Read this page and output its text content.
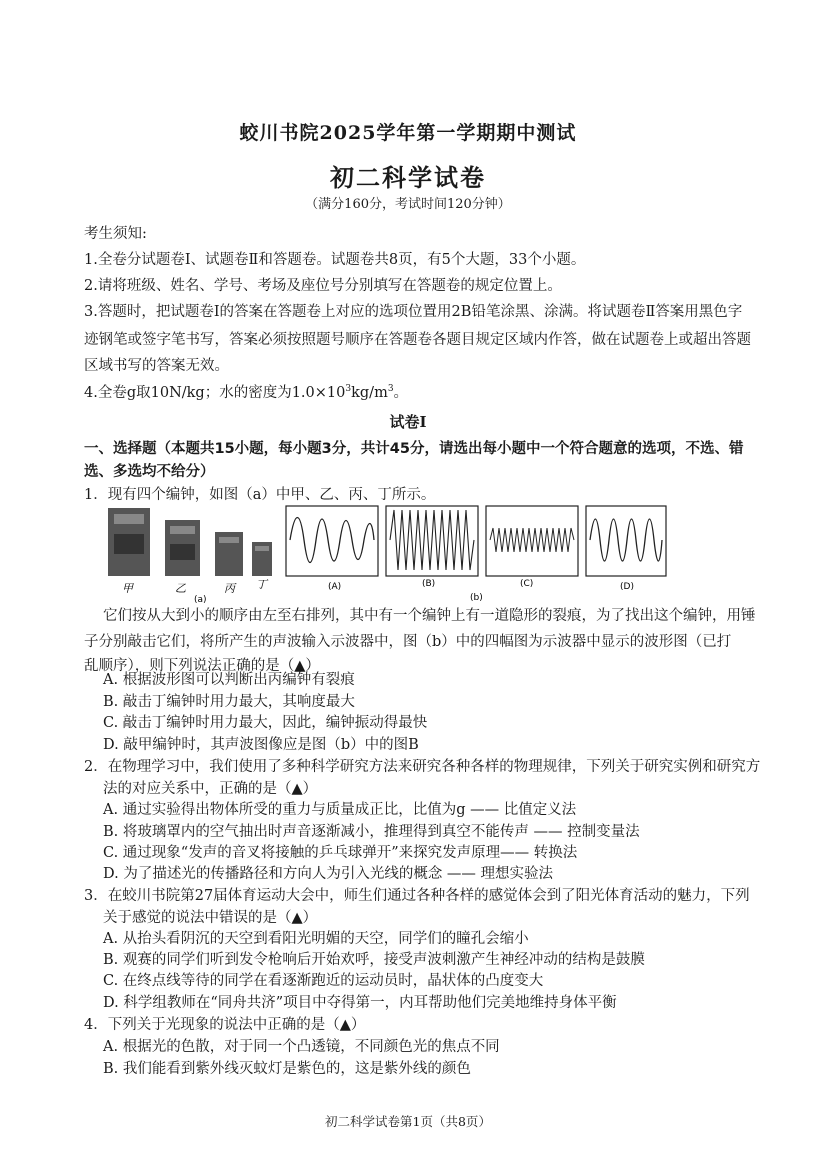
蛟川书院2025学年第一学期期中测试
初二科学试卷
（满分160分，考试时间120分钟）
考生须知:
1.全卷分试题卷Ⅰ、试题卷Ⅱ和答题卷。试题卷共8页，有5个大题，33个小题。
2.请将班级、姓名、学号、考场及座位号分别填写在答题卷的规定位置上。
3.答题时，把试题卷Ⅰ的答案在答题卷上对应的选项位置用2B铅笔涂黑、涂满。将试题卷Ⅱ答案用黑色字
迹钢笔或签字笔书写，答案必须按照题号顺序在答题卷各题目规定区域内作答，做在试题卷上或超出答题
区域书写的答案无效。
4.全卷g取10N/kg；水的密度为$1.0\times 10^3kg/m^3$。
试卷Ⅰ
一、选择题（本题共15小题，每小题3分，共计45分，请选出每小题中一个符合题意的选项，不选、错
选、多选均不给分）
1．现有四个编钟，如图（a）中甲、乙、丙、丁所示。
甲	乙	丙 丁
(a)
(A)	(B)	(C)	(D)
(b)
它们按从大到小的顺序由左至右排列，其中有一个编钟上有一道隐形的裂痕，为了找出这个编钟，用锤
子分别敲击它们，将所产生的声波输入示波器中，图（b）中的四幅图为示波器中显示的波形图（已打
乱顺序），则下列说法正确的是（▲）
A. 根据波形图可以判断出丙编钟有裂痕
B. 敲击丁编钟时用力最大，其响度最大
C. 敲击丁编钟时用力最大，因此，编钟振动得最快
D. 敲甲编钟时，其声波图像应是图（b）中的图B
2．在物理学习中，我们使用了多种科学研究方法来研究各种各样的物理规律，下列关于研究实例和研究方
法的对应关系中，正确的是（▲）
A. 通过实验得出物体所受的重力与质量成正比，比值为g —— 比值定义法
B. 将玻璃罩内的空气抽出时声音逐渐减小，推理得到真空不能传声 —— 控制变量法
C. 通过现象“发声的音叉将接触的乒乓球弹开”来探究发声原理—— 转换法
D. 为了描述光的传播路径和方向人为引入光线的概念 —— 理想实验法
3．在蛟川书院第27届体育运动大会中，师生们通过各种各样的感觉体会到了阳光体育活动的魅力，下列
关于感觉的说法中错误的是（▲）
A. 从抬头看阴沉的天空到看阳光明媚的天空，同学们的瞳孔会缩小
B. 观赛的同学们听到发令枪响后开始欢呼，接受声波刺激产生神经冲动的结构是鼓膜
C. 在终点线等待的同学在看逐渐跑近的运动员时，晶状体的凸度变大
D. 科学组教师在“同舟共济”项目中夺得第一，内耳帮助他们完美地维持身体平衡
4．下列关于光现象的说法中正确的是（▲）
A. 根据光的色散，对于同一个凸透镜，不同颜色光的焦点不同
B. 我们能看到紫外线灭蚊灯是紫色的，这是紫外线的颜色
初二科学试卷第1页（共8页）
